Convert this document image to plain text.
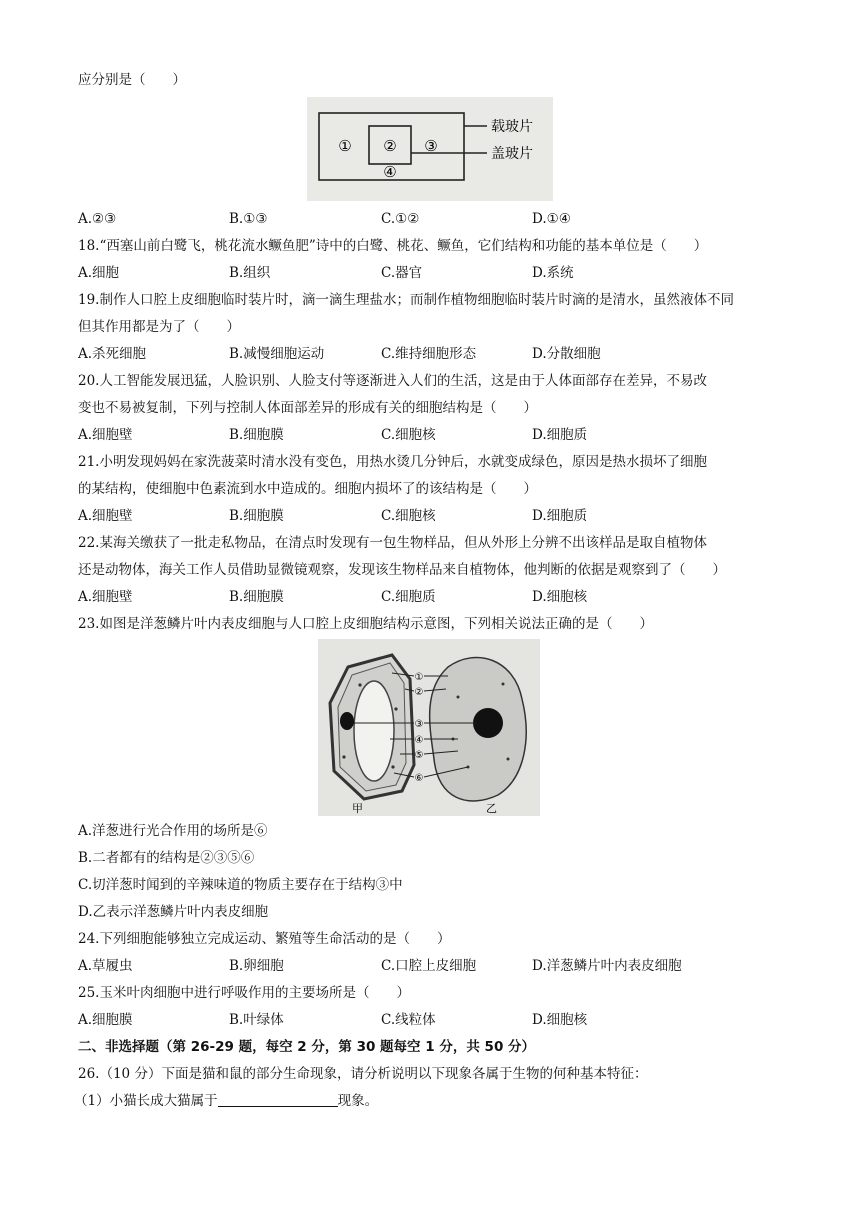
应分别是（　　）
① ② ③
④
载玻片
盖玻片
A.②③	B.①③	C.①②	D.①④
18.“西塞山前白鹭飞，桃花流水鳜鱼肥”诗中的白鹭、桃花、鳜鱼，它们结构和功能的基本单位是（　　）
A.细胞	B.组织	C.器官	D.系统
19.制作人口腔上皮细胞临时装片时，滴一滴生理盐水；而制作植物细胞临时装片时滴的是清水，虽然液体不同
但其作用都是为了（　　）
A.杀死细胞	B.减慢细胞运动	C.维持细胞形态	D.分散细胞
20.人工智能发展迅猛，人脸识别、人脸支付等逐渐进入人们的生活，这是由于人体面部存在差异，不易改
变也不易被复制，下列与控制人体面部差异的形成有关的细胞结构是（　　）
A.细胞壁	B.细胞膜	C.细胞核	D.细胞质
21.小明发现妈妈在家洗菠菜时清水没有变色，用热水烫几分钟后，水就变成绿色，原因是热水损坏了细胞
的某结构，使细胞中色素流到水中造成的。细胞内损坏了的该结构是（　　）
A.细胞壁	B.细胞膜	C.细胞核	D.细胞质
22.某海关缴获了一批走私物品，在清点时发现有一包生物样品，但从外形上分辨不出该样品是取自植物体
还是动物体，海关工作人员借助显微镜观察，发现该生物样品来自植物体，他判断的依据是观察到了（　　）
A.细胞壁	B.细胞膜	C.细胞质	D.细胞核
23.如图是洋葱鳞片叶内表皮细胞与人口腔上皮细胞结构示意图，下列相关说法正确的是（　　）
①
②
③
④
⑤
⑥
甲	乙
A.洋葱进行光合作用的场所是⑥
B.二者都有的结构是②③⑤⑥
C.切洋葱时闻到的辛辣味道的物质主要存在于结构③中
D.乙表示洋葱鳞片叶内表皮细胞
24.下列细胞能够独立完成运动、繁殖等生命活动的是（　　）
A.草履虫	B.卵细胞	C.口腔上皮细胞	D.洋葱鳞片叶内表皮细胞
25.玉米叶肉细胞中进行呼吸作用的主要场所是（　　）
A.细胞膜	B.叶绿体	C.线粒体	D.细胞核
二、非选择题（第 26-29 题，每空 2 分，第 30 题每空 1 分，共 50 分）
26.（10 分）下面是猫和鼠的部分生命现象，请分析说明以下现象各属于生物的何种基本特征：
（1）小猫长成大猫属于	现象。
